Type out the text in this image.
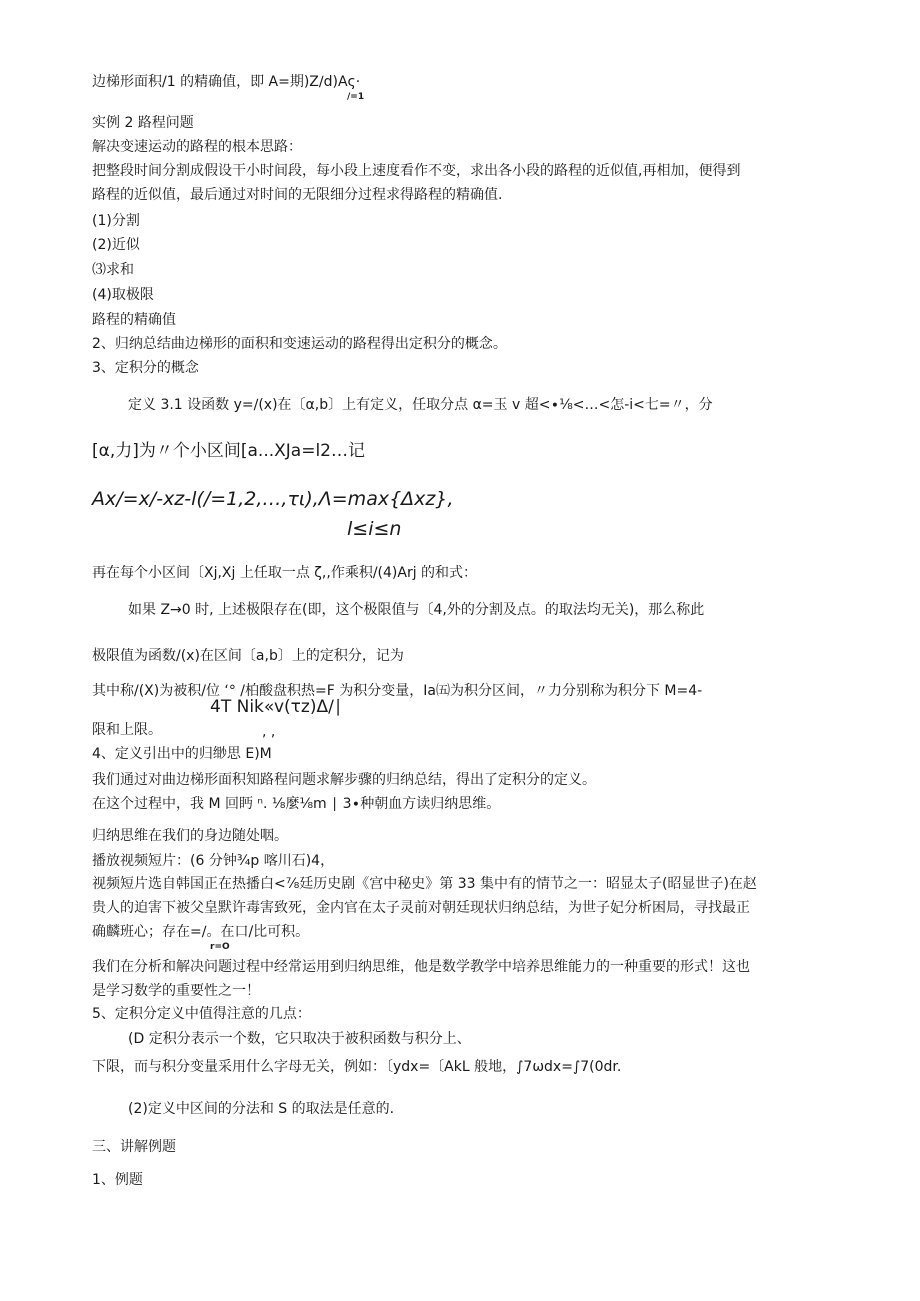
边梯形面积/1 的精确值，即 A=期)Z∕d)Aς·
/=1
实例 2 路程问题
解决变速运动的路程的根本思路：
把整段时间分割成假设干小时间段，每小段上速度看作不变，求出各小段的路程的近似值,再相加，便得到
路程的近似值，最后通过对时间的无限细分过程求得路程的精确值.
(1)分割
(2)近似
⑶求和
(4)取极限
路程的精确值
2、归纳总结曲边梯形的面积和变速运动的路程得出定积分的概念。
3、定积分的概念
定义 3.1 设函数 y=∕(x)在〔α,b〕上有定义，任取分点 α=玉 v 超<∙⅛<…<怎-i<七=〃，分
[α,力]为〃个小区间[a...XJa=l2…记
Ax/=x/-xz-l(∕=1,2,…,τι),Λ=max{Δxz},
l≤i≤n
再在每个小区间〔Xj,Xj 上任取一点 ζ,,作乘积/(4)Arj 的和式：
如果 Z→0 时, 上述极限存在(即，这个极限值与〔4,外的分割及点。的取法均无关)，那么称此
极限值为函数/(x)在区间〔a,b〕上的定积分，记为
其中称/(X)为被积/位 ‘° /柏酸盘积热=F 为积分变量，Ia㈤为积分区间，〃力分别称为积分下 M=4-
4T Nik«v(τz)Δ∕∣
限和上限。	, ,
4、定义引出中的归缈思 E)M
我们通过对曲边梯形面积知路程问题求解步骤的归纳总结，得出了定积分的定义。
在这个过程中，我 M 回眄 ⁿ. ⅛麼⅛m ∣ 3∙种朝血方读归纳思维。
归纳思维在我们的身边随处咽。
播放视频短片：(6 分钟¾p 喀川石)4，
视频短片选自韩国正在热播白<⅞廷历史剧《宫中秘史》第 33 集中有的情节之一：昭显太子(昭显世子)在赵
贵人的迫害下被父皇默许毒害致死，金内官在太子灵前对朝廷现状归纳总结，为世子妃分析困局，寻找最正
确麟班心；存在=∕。在口/比可积。
r=O
我们在分析和解决问题过程中经常运用到归纳思维，他是数学教学中培养思维能力的一种重要的形式！这也
是学习数学的重要性之一！
5、定积分定义中值得注意的几点：
(D 定积分表示一个数，它只取决于被积函数与积分上、
下限，而与积分变量采用什么字母无关，例如：〔ydx=〔AkL 般地，∫7ωdx=∫7(0dr.
(2)定义中区间的分法和 S 的取法是任意的.
三、讲解例题
1、例题
